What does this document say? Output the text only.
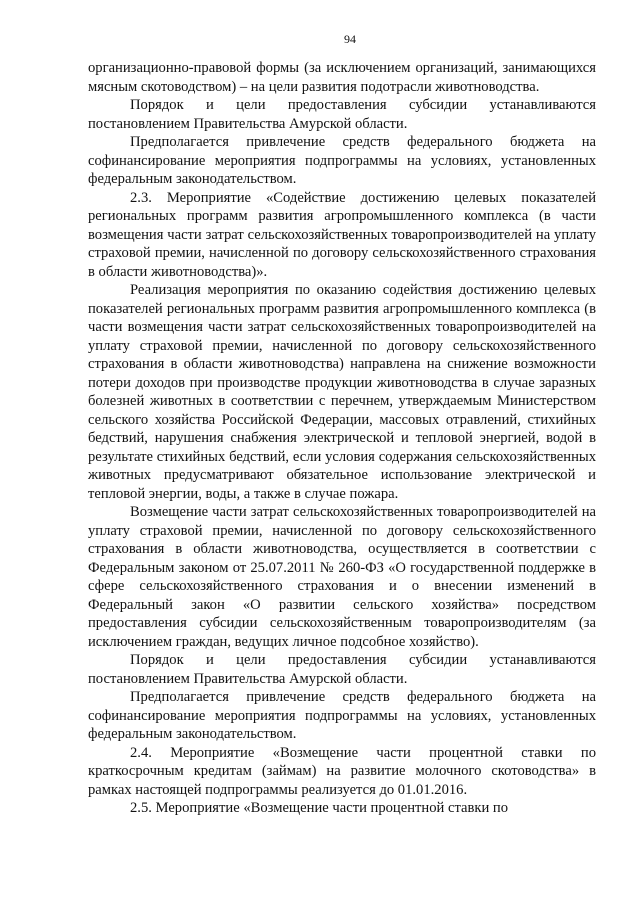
94

организационно-правовой формы (за исключением организаций, занимающихся мясным скотоводством) – на цели развития подотрасли животноводства.

Порядок и цели предоставления субсидии устанавливаются постановлением Правительства Амурской области.

Предполагается привлечение средств федерального бюджета на софинансирование мероприятия подпрограммы на условиях, установленных федеральным законодательством.

2.3. Мероприятие «Содействие достижению целевых показателей региональных программ развития агропромышленного комплекса (в части возмещения части затрат сельскохозяйственных товаропроизводителей на уплату страховой премии, начисленной по договору сельскохозяйственного страхования в области животноводства)».

Реализация мероприятия по оказанию содействия достижению целевых показателей региональных программ развития агропромышленного комплекса (в части возмещения части затрат сельскохозяйственных товаропроизводителей на уплату страховой премии, начисленной по договору сельскохозяйственного страхования в области животноводства) направлена на снижение возможности потери доходов при производстве продукции животноводства в случае заразных болезней животных в соответствии с перечнем, утверждаемым Министерством сельского хозяйства Российской Федерации, массовых отравлений, стихийных бедствий, нарушения снабжения электрической и тепловой энергией, водой в результате стихийных бедствий, если условия содержания сельскохозяйственных животных предусматривают обязательное использование электрической и тепловой энергии, воды, а также в случае пожара.

Возмещение части затрат сельскохозяйственных товаропроизводителей на уплату страховой премии, начисленной по договору сельскохозяйственного страхования в области животноводства, осуществляется в соответствии с Федеральным законом от 25.07.2011 № 260-ФЗ «О государственной поддержке в сфере сельскохозяйственного страхования и о внесении изменений в Федеральный закон «О развитии сельского хозяйства» посредством предоставления субсидии сельскохозяйственным товаропроизводителям (за исключением граждан, ведущих личное подсобное хозяйство).

Порядок и цели предоставления субсидии устанавливаются постановлением Правительства Амурской области.

Предполагается привлечение средств федерального бюджета на софинансирование мероприятия подпрограммы на условиях, установленных федеральным законодательством.

2.4. Мероприятие «Возмещение части процентной ставки по краткосрочным кредитам (займам) на развитие молочного скотоводства» в рамках настоящей подпрограммы реализуется до 01.01.2016.

2.5. Мероприятие «Возмещение части процентной ставки по
